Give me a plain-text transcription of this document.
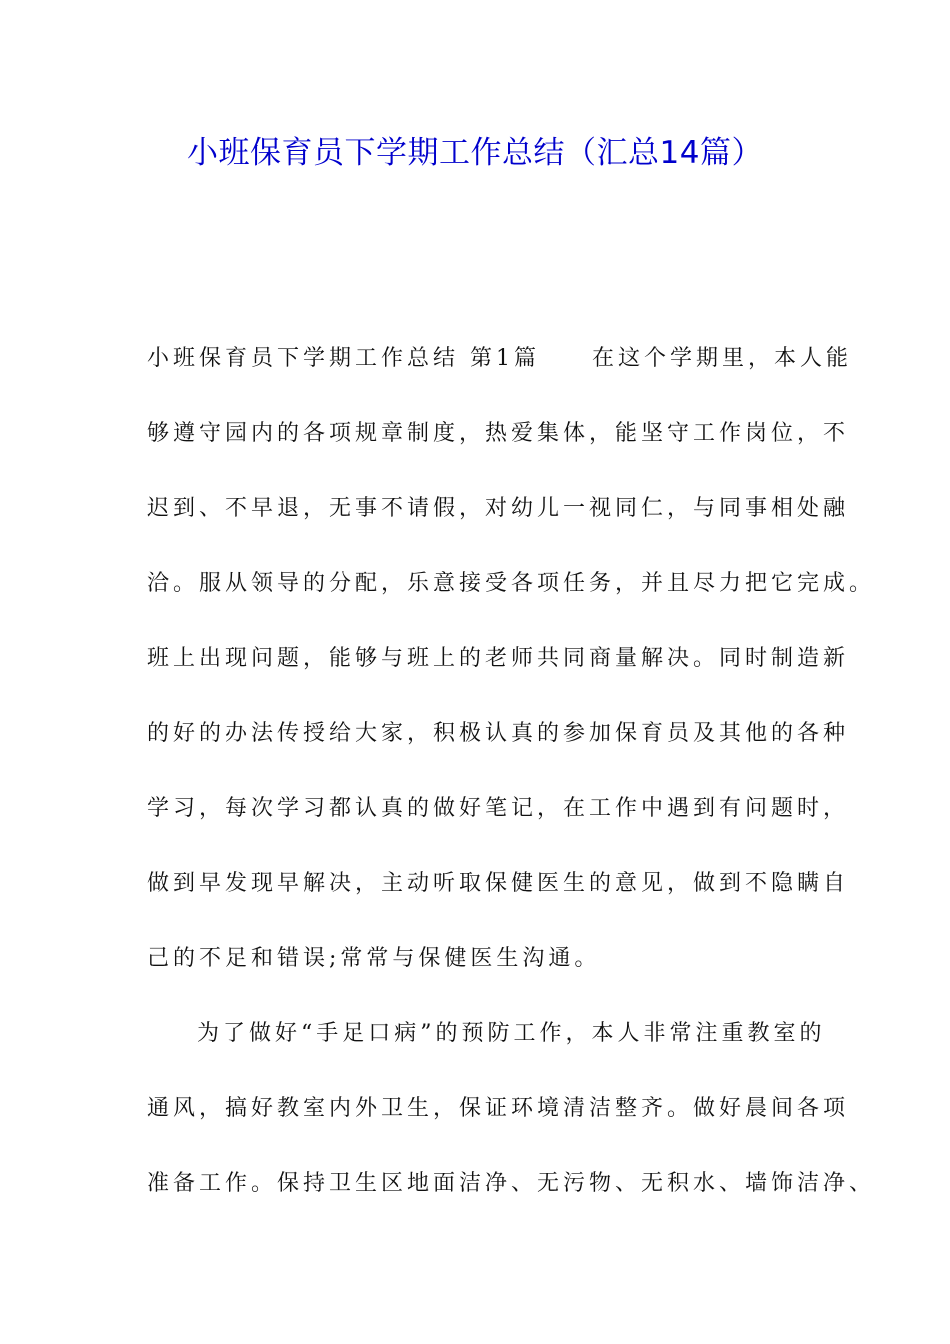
小班保育员下学期工作总结（汇总14篇）

小班保育员下学期工作总结 第1篇 在这个学期里，本人能

够遵守园内的各项规章制度，热爱集体，能坚守工作岗位，不

迟到、不早退，无事不请假，对幼儿一视同仁，与同事相处融

洽。服从领导的分配，乐意接受各项任务，并且尽力把它完成。

班上出现问题，能够与班上的老师共同商量解决。同时制造新

的好的办法传授给大家，积极认真的参加保育员及其他的各种

学习，每次学习都认真的做好笔记，在工作中遇到有问题时，

做到早发现早解决，主动听取保健医生的意见，做到不隐瞒自

己的不足和错误;常常与保健医生沟通。

为了做好“手足口病”的预防工作，本人非常注重教室的

通风，搞好教室内外卫生，保证环境清洁整齐。做好晨间各项

准备工作。保持卫生区地面洁净、无污物、无积水、墙饰洁净、
